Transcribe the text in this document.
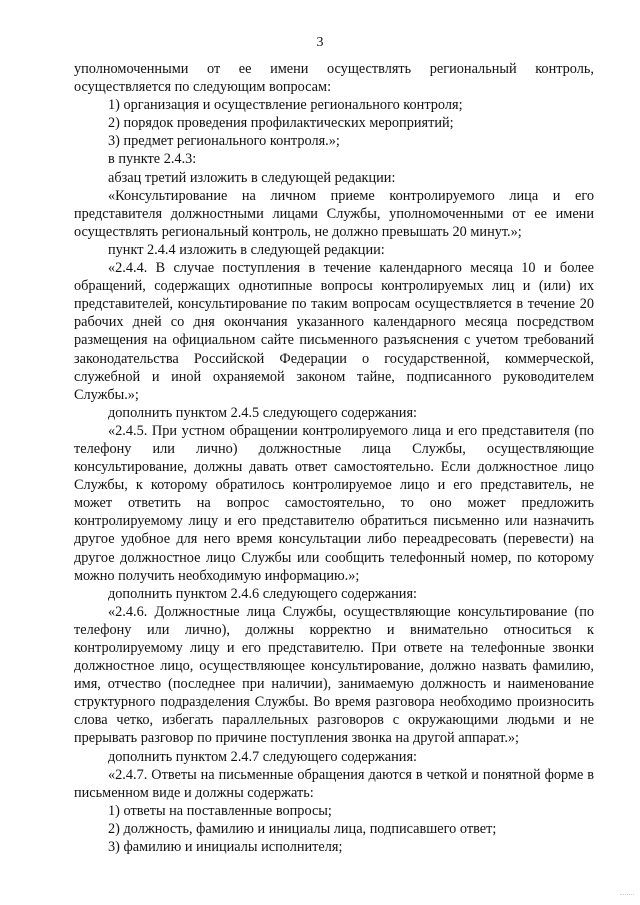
3

уполномоченными от ее имени осуществлять региональный контроль, осуществляется по следующим вопросам:

1) организация и осуществление регионального контроля;

2) порядок проведения профилактических мероприятий;

3) предмет регионального контроля.»;

в пункте 2.4.3:

абзац третий изложить в следующей редакции:

«Консультирование на личном приеме контролируемого лица и его представителя должностными лицами Службы, уполномоченными от ее имени осуществлять региональный контроль, не должно превышать 20 минут.»;

пункт 2.4.4 изложить в следующей редакции:

«2.4.4. В случае поступления в течение календарного месяца 10 и более обращений, содержащих однотипные вопросы контролируемых лиц и (или) их представителей, консультирование по таким вопросам осуществляется в течение 20 рабочих дней со дня окончания указанного календарного месяца посредством размещения на официальном сайте письменного разъяснения с учетом требований законодательства Российской Федерации о государственной, коммерческой, служебной и иной охраняемой законом тайне, подписанного руководителем Службы.»;

дополнить пунктом 2.4.5 следующего содержания:

«2.4.5. При устном обращении контролируемого лица и его представителя (по телефону или лично) должностные лица Службы, осуществляющие консультирование, должны давать ответ самостоятельно. Если должностное лицо Службы, к которому обратилось контролируемое лицо и его представитель, не может ответить на вопрос самостоятельно, то оно может предложить контролируемому лицу и его представителю обратиться письменно или назначить другое удобное для него время консультации либо переадресовать (перевести) на другое должностное лицо Службы или сообщить телефонный номер, по которому можно получить необходимую информацию.»;

дополнить пунктом 2.4.6 следующего содержания:

«2.4.6. Должностные лица Службы, осуществляющие консультирование (по телефону или лично), должны корректно и внимательно относиться к контролируемому лицу и его представителю. При ответе на телефонные звонки должностное лицо, осуществляющее консультирование, должно назвать фамилию, имя, отчество (последнее при наличии), занимаемую должность и наименование структурного подразделения Службы. Во время разговора необходимо произносить слова четко, избегать параллельных разговоров с окружающими людьми и не прерывать разговор по причине поступления звонка на другой аппарат.»;

дополнить пунктом 2.4.7 следующего содержания:

«2.4.7. Ответы на письменные обращения даются в четкой и понятной форме в письменном виде и должны содержать:

1) ответы на поставленные вопросы;

2) должность, фамилию и инициалы лица, подписавшего ответ;

3) фамилию и инициалы исполнителя;
